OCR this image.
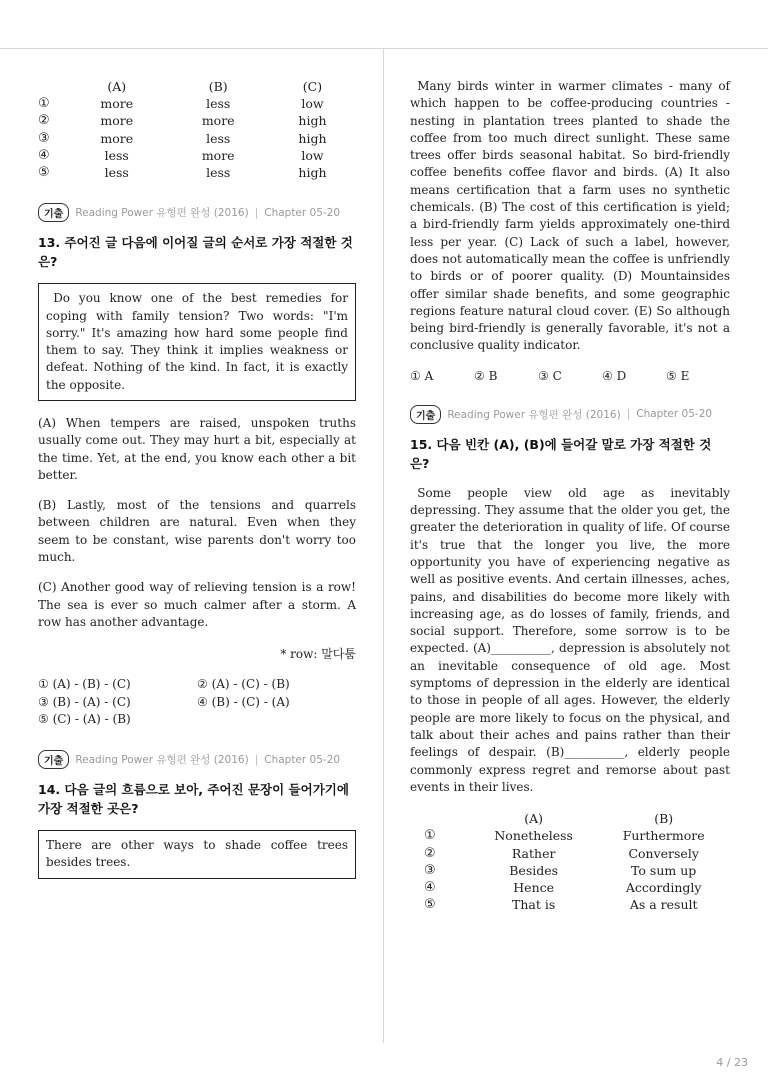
	(A)	(B)	(C)
①	more	less	low
②	more	more	high
③	more	less	high
④	less	more	low
⑤	less	less	high
기출	Reading Power 유형편 완성 (2016) | Chapter 05-20
13. 주어진 글 다음에 이어질 글의 순서로 가장 적절한 것은?
Do you know one of the best remedies for coping with family tension? Two words: "I'm sorry." It's amazing how hard some people find them to say. They think it implies weakness or defeat. Nothing of the kind. In fact, it is exactly the opposite.

(A) When tempers are raised, unspoken truths usually come out. They may hurt a bit, especially at the time. Yet, at the end, you know each other a bit better.

(B) Lastly, most of the tensions and quarrels between children are natural. Even when they seem to be constant, wise parents don't worry too much.

(C) Another good way of relieving tension is a row! The sea is ever so much calmer after a storm. A row has another advantage.

* row: 말다툼
① (A) - (B) - (C)	② (A) - (C) - (B)
③ (B) - (A) - (C)	④ (B) - (C) - (A)
⑤ (C) - (A) - (B)
기출	Reading Power 유형편 완성 (2016) | Chapter 05-20
14. 다음 글의 흐름으로 보아, 주어진 문장이 들어가기에 가장 적절한 곳은?
There are other ways to shade coffee trees besides trees.

Many birds winter in warmer climates - many of which happen to be coffee-producing countries - nesting in plantation trees planted to shade the coffee from too much direct sunlight. These same trees offer birds seasonal habitat. So bird-friendly coffee benefits coffee flavor and birds. (A) It also means certification that a farm uses no synthetic chemicals. (B) The cost of this certification is yield; a bird-friendly farm yields approximately one-third less per year. (C) Lack of such a label, however, does not automatically mean the coffee is unfriendly to birds or of poorer quality. (D) Mountainsides offer similar shade benefits, and some geographic regions feature natural cloud cover. (E) So although being bird-friendly is generally favorable, it's not a conclusive quality indicator.

① A	② B	③ C	④ D	⑤ E
기출	Reading Power 유형편 완성 (2016) | Chapter 05-20
15. 다음 빈칸 (A), (B)에 들어갈 말로 가장 적절한 것은?

Some people view old age as inevitably depressing. They assume that the older you get, the greater the deterioration in quality of life. Of course it's true that the longer you live, the more opportunity you have of experiencing negative as well as positive events. And certain illnesses, aches, pains, and disabilities do become more likely with increasing age, as do losses of family, friends, and social support. Therefore, some sorrow is to be expected. (A)__________, depression is absolutely not an inevitable consequence of old age. Most symptoms of depression in the elderly are identical to those in people of all ages. However, the elderly people are more likely to focus on the physical, and talk about their aches and pains rather than their feelings of despair. (B)__________, elderly people commonly express regret and remorse about past events in their lives.

	(A)	(B)
①	Nonetheless	Furthermore
②	Rather	Conversely
③	Besides	To sum up
④	Hence	Accordingly
⑤	That is	As a result
4 / 23
